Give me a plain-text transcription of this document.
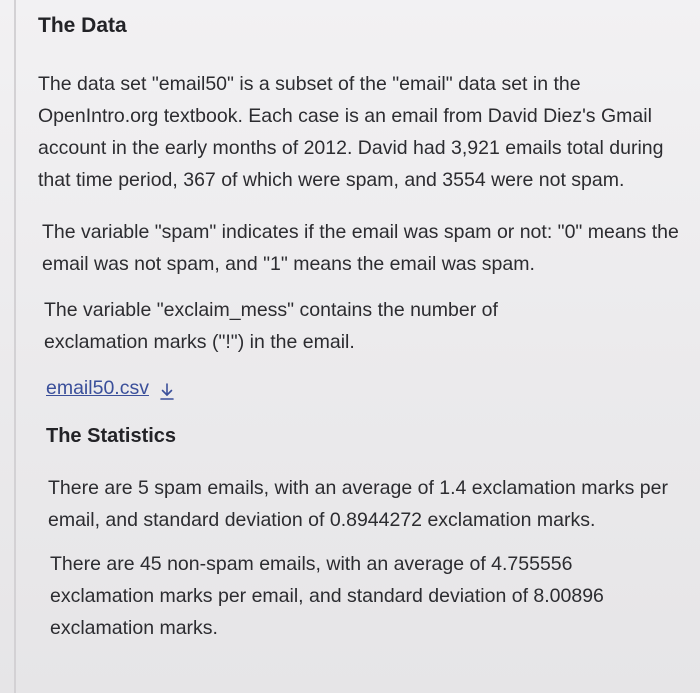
The Data

The data set "email50" is a subset of the "email" data set in the OpenIntro.org textbook. Each case is an email from David Diez's Gmail account in the early months of 2012. David had 3,921 emails total during that time period, 367 of which were spam, and 3554 were not spam.

The variable "spam" indicates if the email was spam or not: "0" means the email was not spam, and "1" means the email was spam.

The variable "exclaim_mess" contains the number of exclamation marks ("!") in the email.

email50.csv
The Statistics

There are 5 spam emails, with an average of 1.4 exclamation marks per email, and standard deviation of 0.8944272 exclamation marks.

There are 45 non-spam emails, with an average of 4.755556 exclamation marks per email, and standard deviation of 8.00896 exclamation marks.
